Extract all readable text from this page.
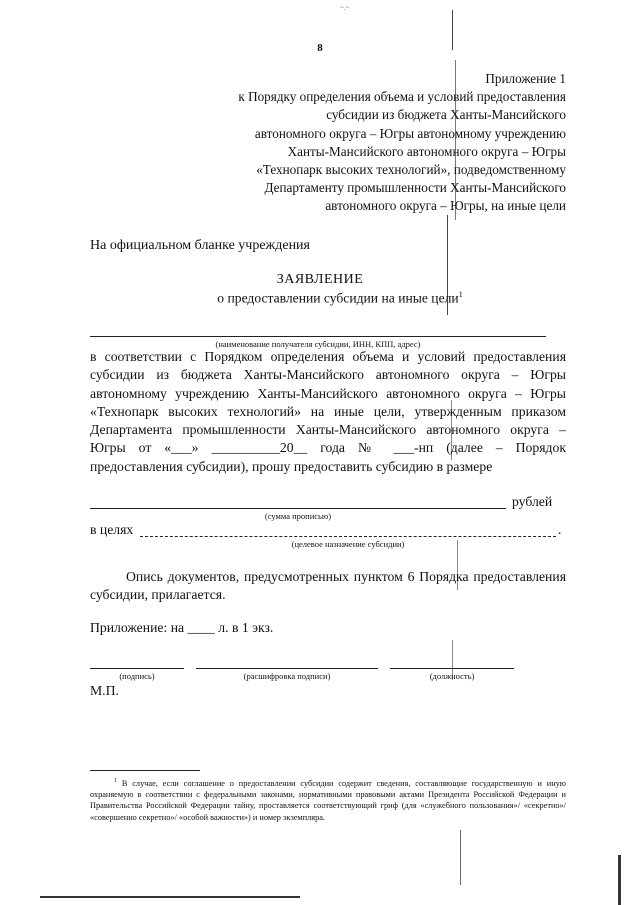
~.~
8
Приложение 1
к Порядку определения объема и условий предоставления
субсидии из бюджета Ханты-Мансийского
автономного округа – Югры автономному учреждению
Ханты-Мансийского автономного округа – Югры
«Технопарк высоких технологий», подведомственному
Департаменту промышленности Ханты-Мансийского
автономного округа – Югры, на иные цели
На официальном бланке учреждения
ЗАЯВЛЕНИЕ
о предоставлении субсидии на иные цели$^1$
(наименование получателя субсидии, ИНН, КПП, адрес)
в соответствии с Порядком определения объема и условий предоставления субсидии из бюджета Ханты-Мансийского автономного округа – Югры автономному учреждению Ханты-Мансийского автономного округа – Югры «Технопарк высоких технологий» на иные цели, утвержденным приказом Департамента промышленности Ханты-Мансийского автономного округа – Югры от «___» __________20__ года № ___-нп (далее – Порядок предоставления субсидии), прошу предоставить субсидию в размере
рублей
(сумма прописью)
в целях	.
(целевое назначение субсидии)
Опись документов, предусмотренных пунктом 6 Порядка предоставления субсидии, прилагается.
Приложение: на ____ л. в 1 экз.
(подпись)	(расшифровка подписи)	(должность)
М.П.
$^1$ В случае, если соглашение о предоставлении субсидии содержит сведения, составляющие государственную и иную охраняемую в соответствии с федеральными законами, нормативными правовыми актами Президента Российской Федерации и Правительства Российской Федерации тайну, проставляется соответствующий гриф (для «служебного пользования»/ «секретно»/ «совершенно секретно»/ «особой важности») и номер экземпляра.
